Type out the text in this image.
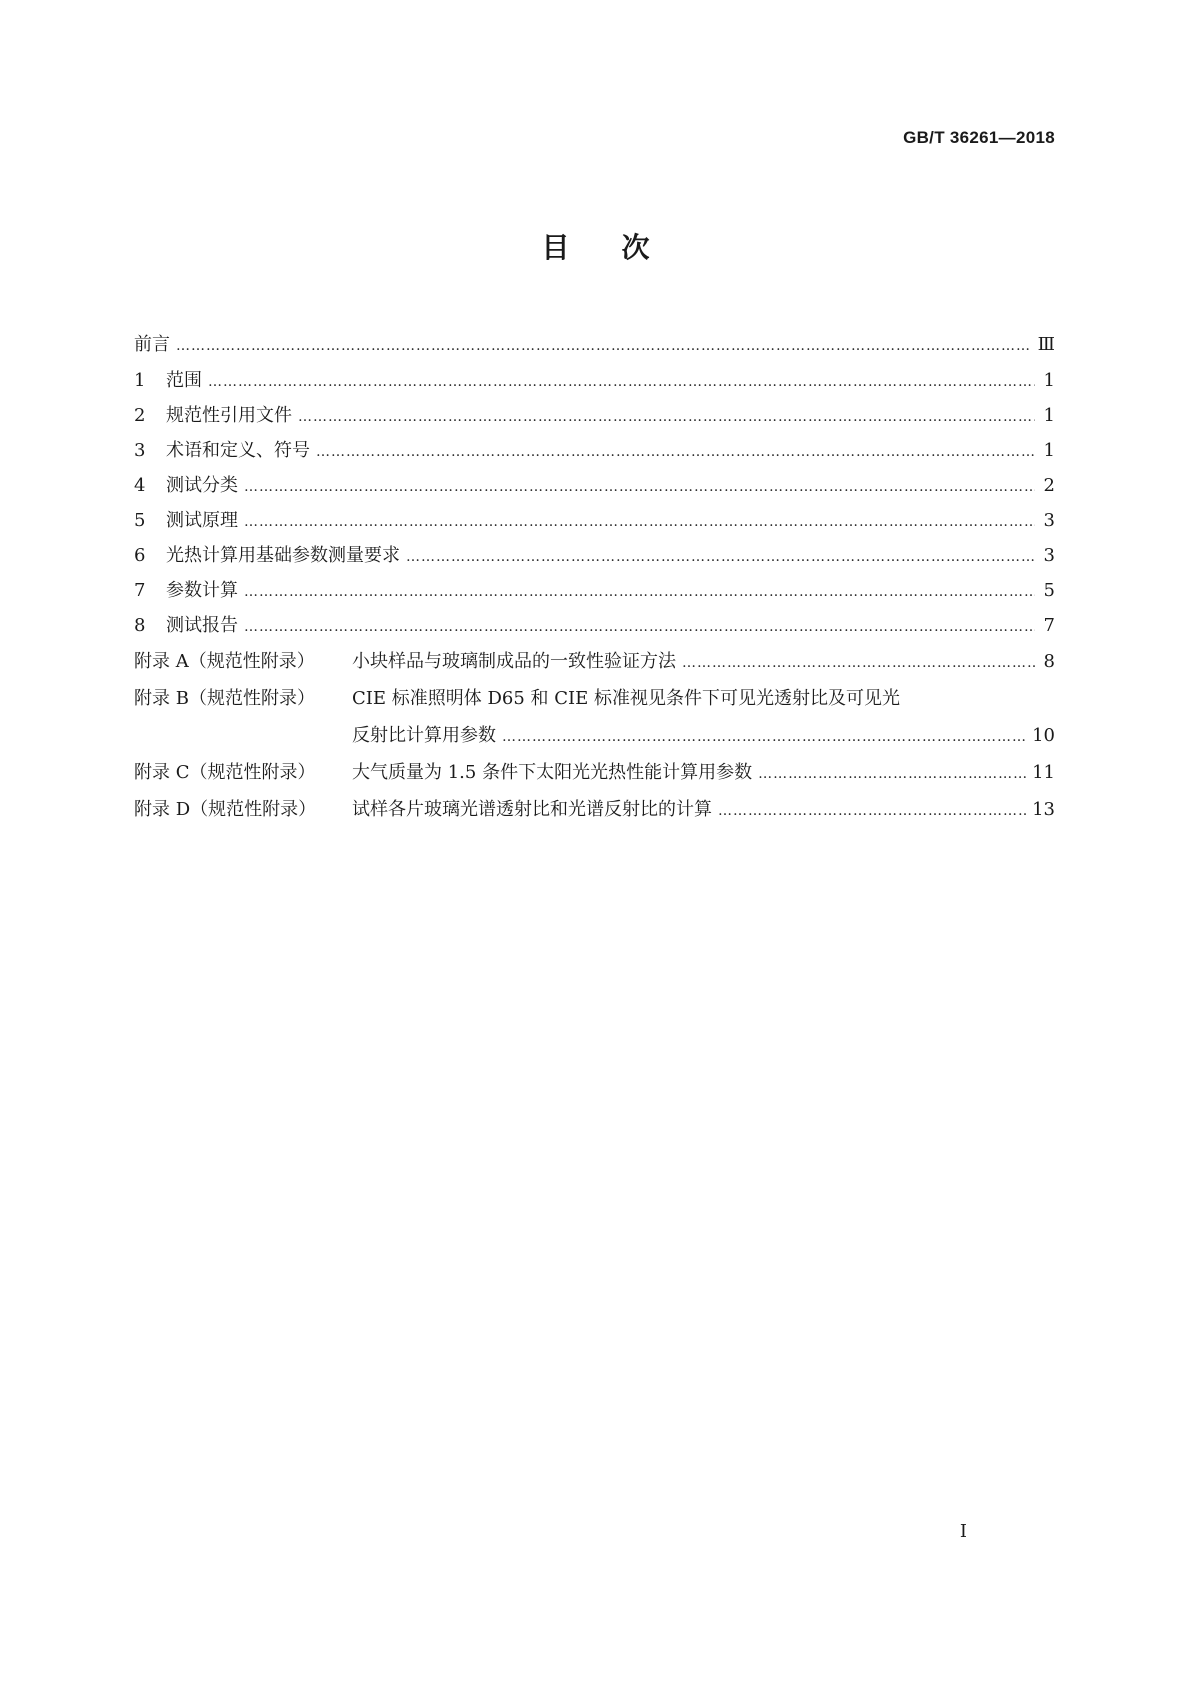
GB/T 36261—2018
目次
前言 …………………………………………………………………………………………………………………………………………………………………………………………	Ⅲ
1	范围 …………………………………………………………………………………………………………………………………………………………………………………………	1
2	规范性引用文件 …………………………………………………………………………………………………………………………………………………………………………………………	1
3	术语和定义、符号 …………………………………………………………………………………………………………………………………………………………………………………………	1
4	测试分类 …………………………………………………………………………………………………………………………………………………………………………………………	2
5	测试原理 …………………………………………………………………………………………………………………………………………………………………………………………	3
6	光热计算用基础参数测量要求 …………………………………………………………………………………………………………………………………………………………………………………………	3
7	参数计算 …………………………………………………………………………………………………………………………………………………………………………………………	5
8	测试报告 …………………………………………………………………………………………………………………………………………………………………………………………	7
附录 A（规范性附录）	小块样品与玻璃制成品的一致性验证方法 …………………………………………………………………………………………………………………………………………………………………………………………	8
附录 B（规范性附录）	CIE 标准照明体 D65 和 CIE 标准视见条件下可见光透射比及可见光
反射比计算用参数 …………………………………………………………………………………………………………………………………………………………………………………………	10
附录 C（规范性附录）	大气质量为 1.5 条件下太阳光光热性能计算用参数 …………………………………………………………………………………………………………………………………………………………………………………………	11
附录 D（规范性附录）	试样各片玻璃光谱透射比和光谱反射比的计算 …………………………………………………………………………………………………………………………………………………………………………………………	13
I
